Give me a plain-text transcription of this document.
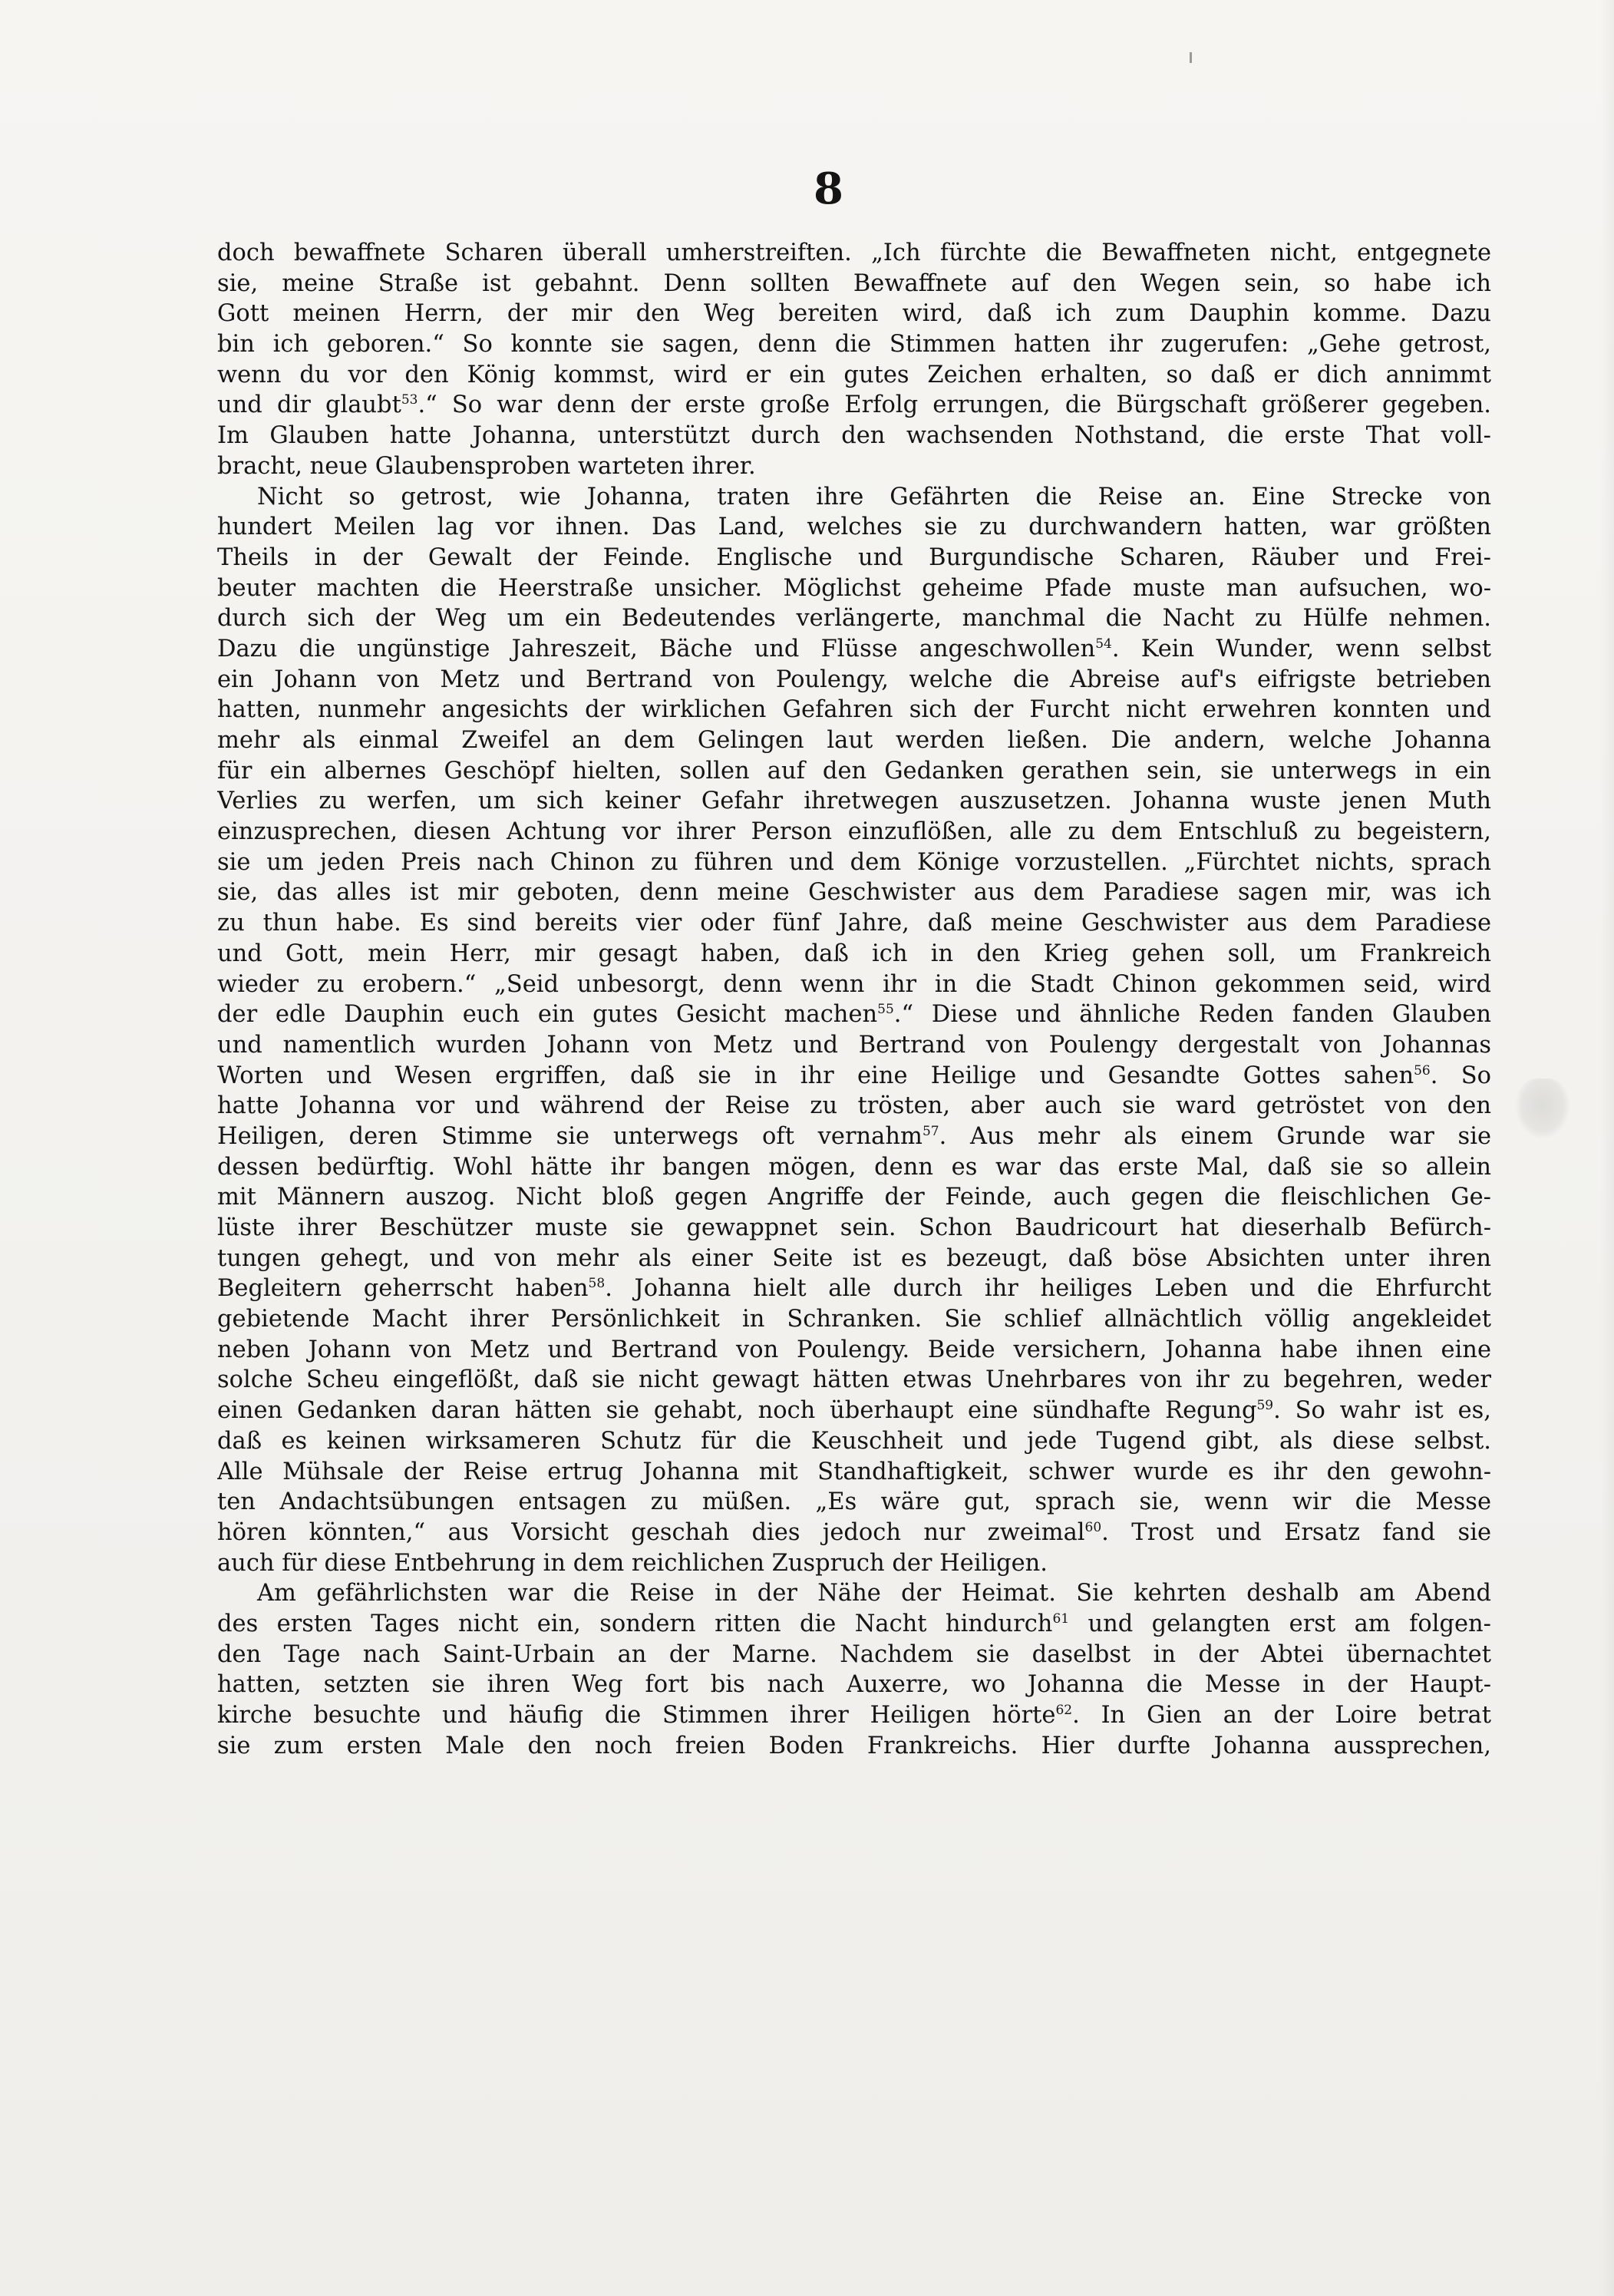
8
doch bewaffnete Scharen überall umherstreiften. „Ich fürchte die Bewaffneten nicht, entgegnete
sie, meine Straße ist gebahnt. Denn sollten Bewaffnete auf den Wegen sein, so habe ich
Gott meinen Herrn, der mir den Weg bereiten wird, daß ich zum Dauphin komme. Dazu
bin ich geboren.“ So konnte sie sagen, denn die Stimmen hatten ihr zugerufen: „Gehe getrost,
wenn du vor den König kommst, wird er ein gutes Zeichen erhalten, so daß er dich annimmt
und dir glaubt$^{53}$.“ So war denn der erste große Erfolg errungen, die Bürgschaft größerer gegeben.
Im Glauben hatte Johanna, unterstützt durch den wachsenden Nothstand, die erste That voll-
bracht, neue Glaubensproben warteten ihrer.
Nicht so getrost, wie Johanna, traten ihre Gefährten die Reise an. Eine Strecke von
hundert Meilen lag vor ihnen. Das Land, welches sie zu durchwandern hatten, war größten
Theils in der Gewalt der Feinde. Englische und Burgundische Scharen, Räuber und Frei-
beuter machten die Heerstraße unsicher. Möglichst geheime Pfade muste man aufsuchen, wo-
durch sich der Weg um ein Bedeutendes verlängerte, manchmal die Nacht zu Hülfe nehmen.
Dazu die ungünstige Jahreszeit, Bäche und Flüsse angeschwollen$^{54}$. Kein Wunder, wenn selbst
ein Johann von Metz und Bertrand von Poulengy, welche die Abreise auf's eifrigste betrieben
hatten, nunmehr angesichts der wirklichen Gefahren sich der Furcht nicht erwehren konnten und
mehr als einmal Zweifel an dem Gelingen laut werden ließen. Die andern, welche Johanna
für ein albernes Geschöpf hielten, sollen auf den Gedanken gerathen sein, sie unterwegs in ein
Verlies zu werfen, um sich keiner Gefahr ihretwegen auszusetzen. Johanna wuste jenen Muth
einzusprechen, diesen Achtung vor ihrer Person einzuflößen, alle zu dem Entschluß zu begeistern,
sie um jeden Preis nach Chinon zu führen und dem Könige vorzustellen. „Fürchtet nichts, sprach
sie, das alles ist mir geboten, denn meine Geschwister aus dem Paradiese sagen mir, was ich
zu thun habe. Es sind bereits vier oder fünf Jahre, daß meine Geschwister aus dem Paradiese
und Gott, mein Herr, mir gesagt haben, daß ich in den Krieg gehen soll, um Frankreich
wieder zu erobern.“ „Seid unbesorgt, denn wenn ihr in die Stadt Chinon gekommen seid, wird
der edle Dauphin euch ein gutes Gesicht machen$^{55}$.“ Diese und ähnliche Reden fanden Glauben
und namentlich wurden Johann von Metz und Bertrand von Poulengy dergestalt von Johannas
Worten und Wesen ergriffen, daß sie in ihr eine Heilige und Gesandte Gottes sahen$^{56}$. So
hatte Johanna vor und während der Reise zu trösten, aber auch sie ward getröstet von den
Heiligen, deren Stimme sie unterwegs oft vernahm$^{57}$. Aus mehr als einem Grunde war sie
dessen bedürftig. Wohl hätte ihr bangen mögen, denn es war das erste Mal, daß sie so allein
mit Männern auszog. Nicht bloß gegen Angriffe der Feinde, auch gegen die fleischlichen Ge-
lüste ihrer Beschützer muste sie gewappnet sein. Schon Baudricourt hat dieserhalb Befürch-
tungen gehegt, und von mehr als einer Seite ist es bezeugt, daß böse Absichten unter ihren
Begleitern geherrscht haben$^{58}$. Johanna hielt alle durch ihr heiliges Leben und die Ehrfurcht
gebietende Macht ihrer Persönlichkeit in Schranken. Sie schlief allnächtlich völlig angekleidet
neben Johann von Metz und Bertrand von Poulengy. Beide versichern, Johanna habe ihnen eine
solche Scheu eingeflößt, daß sie nicht gewagt hätten etwas Unehrbares von ihr zu begehren, weder
einen Gedanken daran hätten sie gehabt, noch überhaupt eine sündhafte Regung$^{59}$. So wahr ist es,
daß es keinen wirksameren Schutz für die Keuschheit und jede Tugend gibt, als diese selbst.
Alle Mühsale der Reise ertrug Johanna mit Standhaftigkeit, schwer wurde es ihr den gewohn-
ten Andachtsübungen entsagen zu müßen. „Es wäre gut, sprach sie, wenn wir die Messe
hören könnten,“ aus Vorsicht geschah dies jedoch nur zweimal$^{60}$. Trost und Ersatz fand sie
auch für diese Entbehrung in dem reichlichen Zuspruch der Heiligen.
Am gefährlichsten war die Reise in der Nähe der Heimat. Sie kehrten deshalb am Abend
des ersten Tages nicht ein, sondern ritten die Nacht hindurch$^{61}$ und gelangten erst am folgen-
den Tage nach Saint-Urbain an der Marne. Nachdem sie daselbst in der Abtei übernachtet
hatten, setzten sie ihren Weg fort bis nach Auxerre, wo Johanna die Messe in der Haupt-
kirche besuchte und häufig die Stimmen ihrer Heiligen hörte$^{62}$. In Gien an der Loire betrat
sie zum ersten Male den noch freien Boden Frankreichs. Hier durfte Johanna aussprechen,
